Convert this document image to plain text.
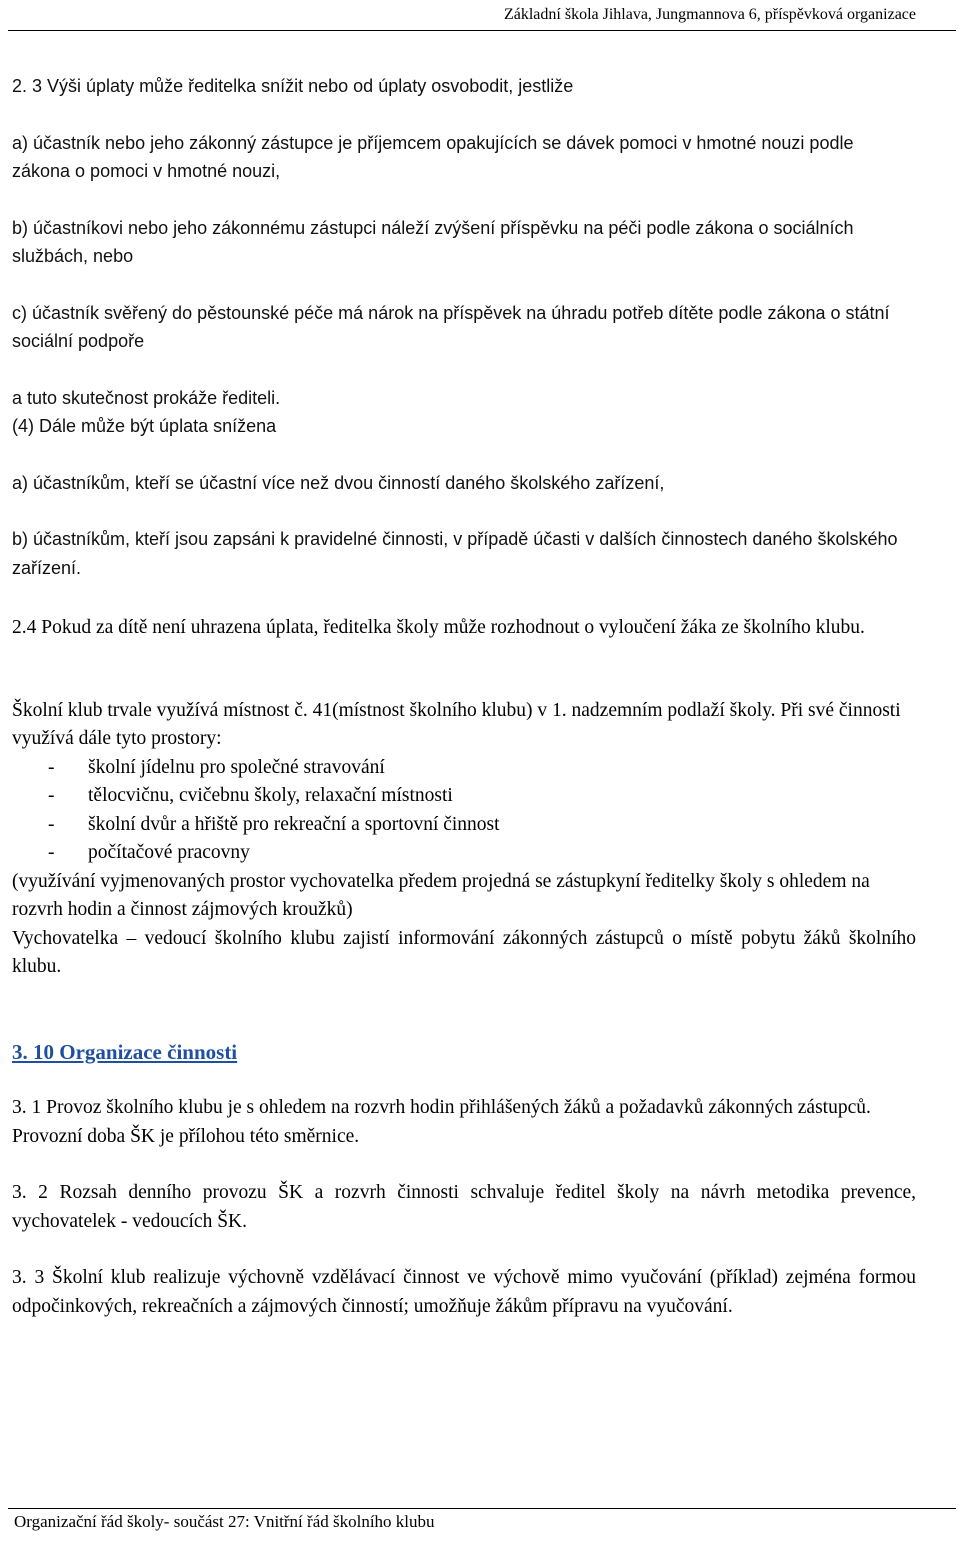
Základní škola Jihlava, Jungmannova 6, příspěvková organizace

2. 3 Výši úplaty může ředitelka snížit nebo od úplaty osvobodit, jestliže

a) účastník nebo jeho zákonný zástupce je příjemcem opakujících se dávek pomoci v hmotné nouzi podle zákona o pomoci v hmotné nouzi,

b) účastníkovi nebo jeho zákonnému zástupci náleží zvýšení příspěvku na péči podle zákona o sociálních službách, nebo

c) účastník svěřený do pěstounské péče má nárok na příspěvek na úhradu potřeb dítěte podle zákona o státní sociální podpoře

a tuto skutečnost prokáže řediteli.

(4) Dále může být úplata snížena

a) účastníkům, kteří se účastní více než dvou činností daného školského zařízení,

b) účastníkům, kteří jsou zapsáni k pravidelné činnosti, v případě účasti v dalších činnostech daného školského zařízení.

2.4 Pokud za dítě není uhrazena úplata, ředitelka školy může rozhodnout o vyloučení žáka ze školního klubu.

Školní klub trvale využívá místnost č. 41(místnost školního klubu) v 1. nadzemním podlaží školy. Při své činnosti využívá dále tyto prostory:

-	školní jídelnu pro společné stravování
-	tělocvičnu, cvičebnu školy, relaxační místnosti
-	školní dvůr a hřiště pro rekreační a sportovní činnost
-	počítačové pracovny

(využívání vyjmenovaných prostor vychovatelka předem projedná se zástupkyní ředitelky školy s ohledem na rozvrh hodin a činnost zájmových kroužků)

Vychovatelka – vedoucí školního klubu zajistí informování zákonných zástupců o místě pobytu žáků školního klubu.

3. 10 Organizace činnosti

3. 1 Provoz školního klubu je s ohledem na rozvrh hodin přihlášených žáků a požadavků zákonných zástupců.

Provozní doba ŠK je přílohou této směrnice.

3. 2 Rozsah denního provozu ŠK a rozvrh činnosti schvaluje ředitel školy na návrh metodika prevence, vychovatelek - vedoucích ŠK.

3. 3 Školní klub realizuje výchovně vzdělávací činnost ve výchově mimo vyučování (příklad) zejména formou odpočinkových, rekreačních a zájmových činností; umožňuje žákům přípravu na vyučování.

Organizační řád školy- součást 27: Vnitřní řád školního klubu
